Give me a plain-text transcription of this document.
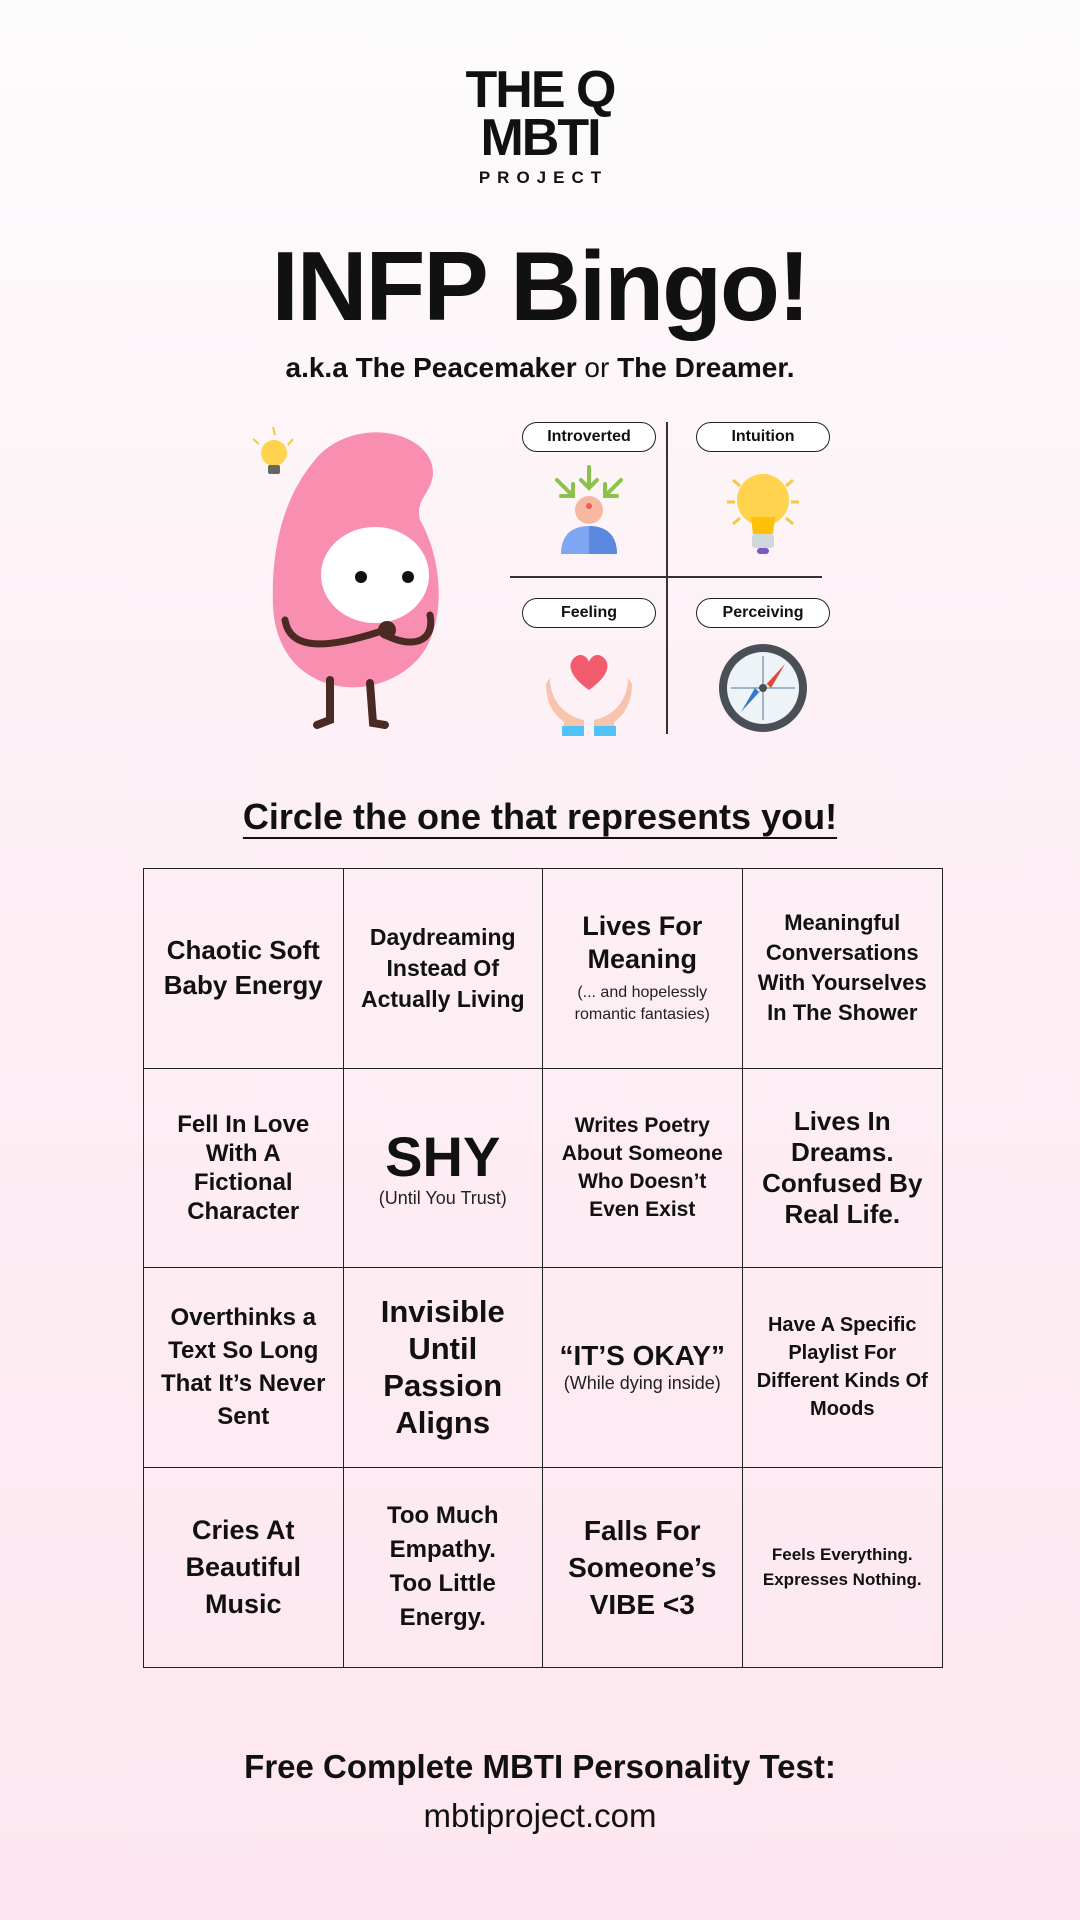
THE Q
MBTI
PROJECT
INFP Bingo!
a.k.a The Peacemaker or The Dreamer.
Introverted	Intuition
Feeling	Perceiving
Circle the one that represents you!
Chaotic Soft Baby Energy
Daydreaming Instead Of Actually Living
Lives For Meaning
(... and hopelessly romantic fantasies)
Meaningful Conversations With Yourselves In The Shower
Fell In Love With A Fictional Character
SHY
(Until You Trust)
Writes Poetry About Someone Who Doesn’t Even Exist
Lives In Dreams. Confused By Real Life.
Overthinks a Text So Long That It’s Never Sent
Invisible Until Passion Aligns
“IT’S OKAY”
(While dying inside)
Have A Specific Playlist For Different Kinds Of Moods
Cries At Beautiful Music
Too Much Empathy. Too Little Energy.
Falls For Someone’s VIBE <3
Feels Everything. Expresses Nothing.
Free Complete MBTI Personality Test:
mbtiproject.com
